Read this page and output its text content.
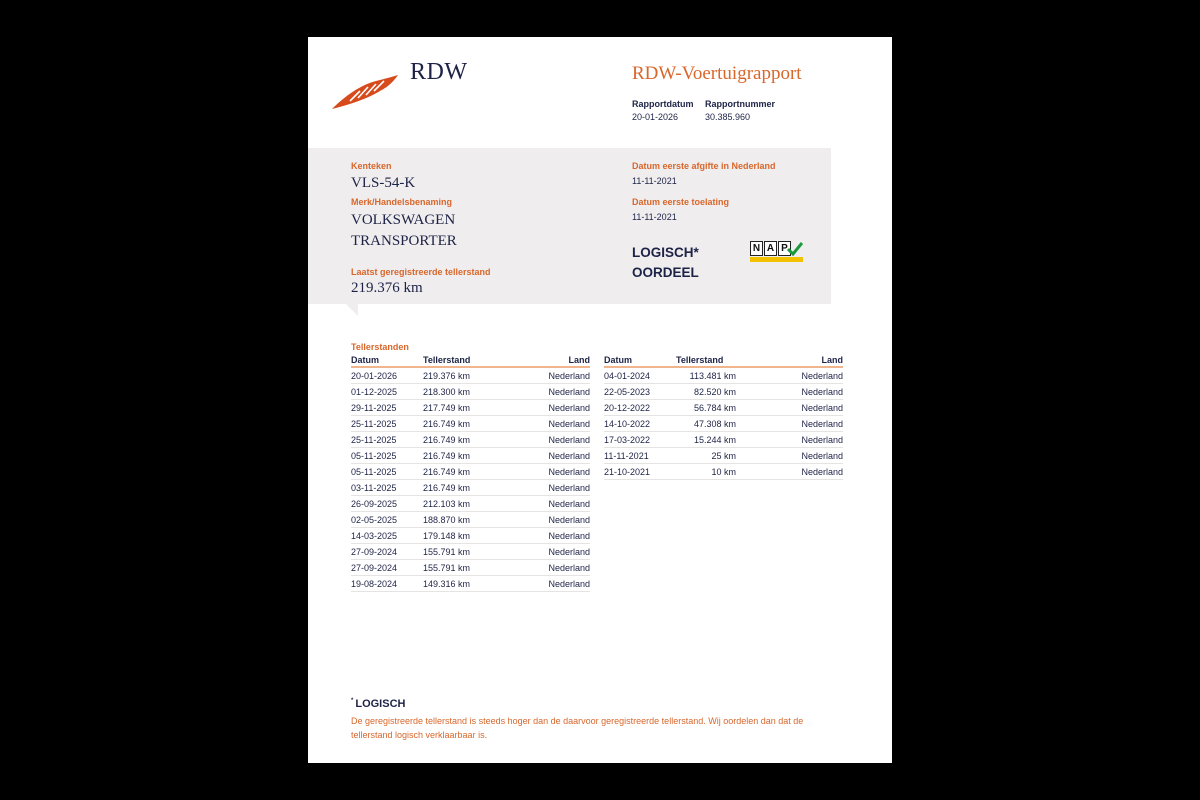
RDW	RDW-Voertuigrapport
Rapportdatum
20-01-2026
Rapportnummer
30.385.960
Kenteken
VLS-54-K
Merk/Handelsbenaming
VOLKSWAGEN
TRANSPORTER
Laatst geregistreerde tellerstand
219.376 km
Datum eerste afgifte in Nederland
11-11-2021
Datum eerste toelating
11-11-2021
LOGISCH*
OORDEEL
N A P
Tellerstanden
Datum	Tellerstand	Land
20-01-2026	219.376 km	Nederland
01-12-2025	218.300 km	Nederland
29-11-2025	217.749 km	Nederland
25-11-2025	216.749 km	Nederland
25-11-2025	216.749 km	Nederland
05-11-2025	216.749 km	Nederland
05-11-2025	216.749 km	Nederland
03-11-2025	216.749 km	Nederland
26-09-2025	212.103 km	Nederland
02-05-2025	188.870 km	Nederland
14-03-2025	179.148 km	Nederland
27-09-2024	155.791 km	Nederland
27-09-2024	155.791 km	Nederland
19-08-2024	149.316 km	Nederland
Datum	Tellerstand	Land
04-01-2024	113.481 km	Nederland
22-05-2023	82.520 km	Nederland
20-12-2022	56.784 km	Nederland
14-10-2022	47.308 km	Nederland
17-03-2022	15.244 km	Nederland
11-11-2021	25 km	Nederland
21-10-2021	10 km	Nederland
* LOGISCH
De geregistreerde tellerstand is steeds hoger dan de daarvoor geregistreerde tellerstand. Wij oordelen dan dat de tellerstand logisch verklaarbaar is.
